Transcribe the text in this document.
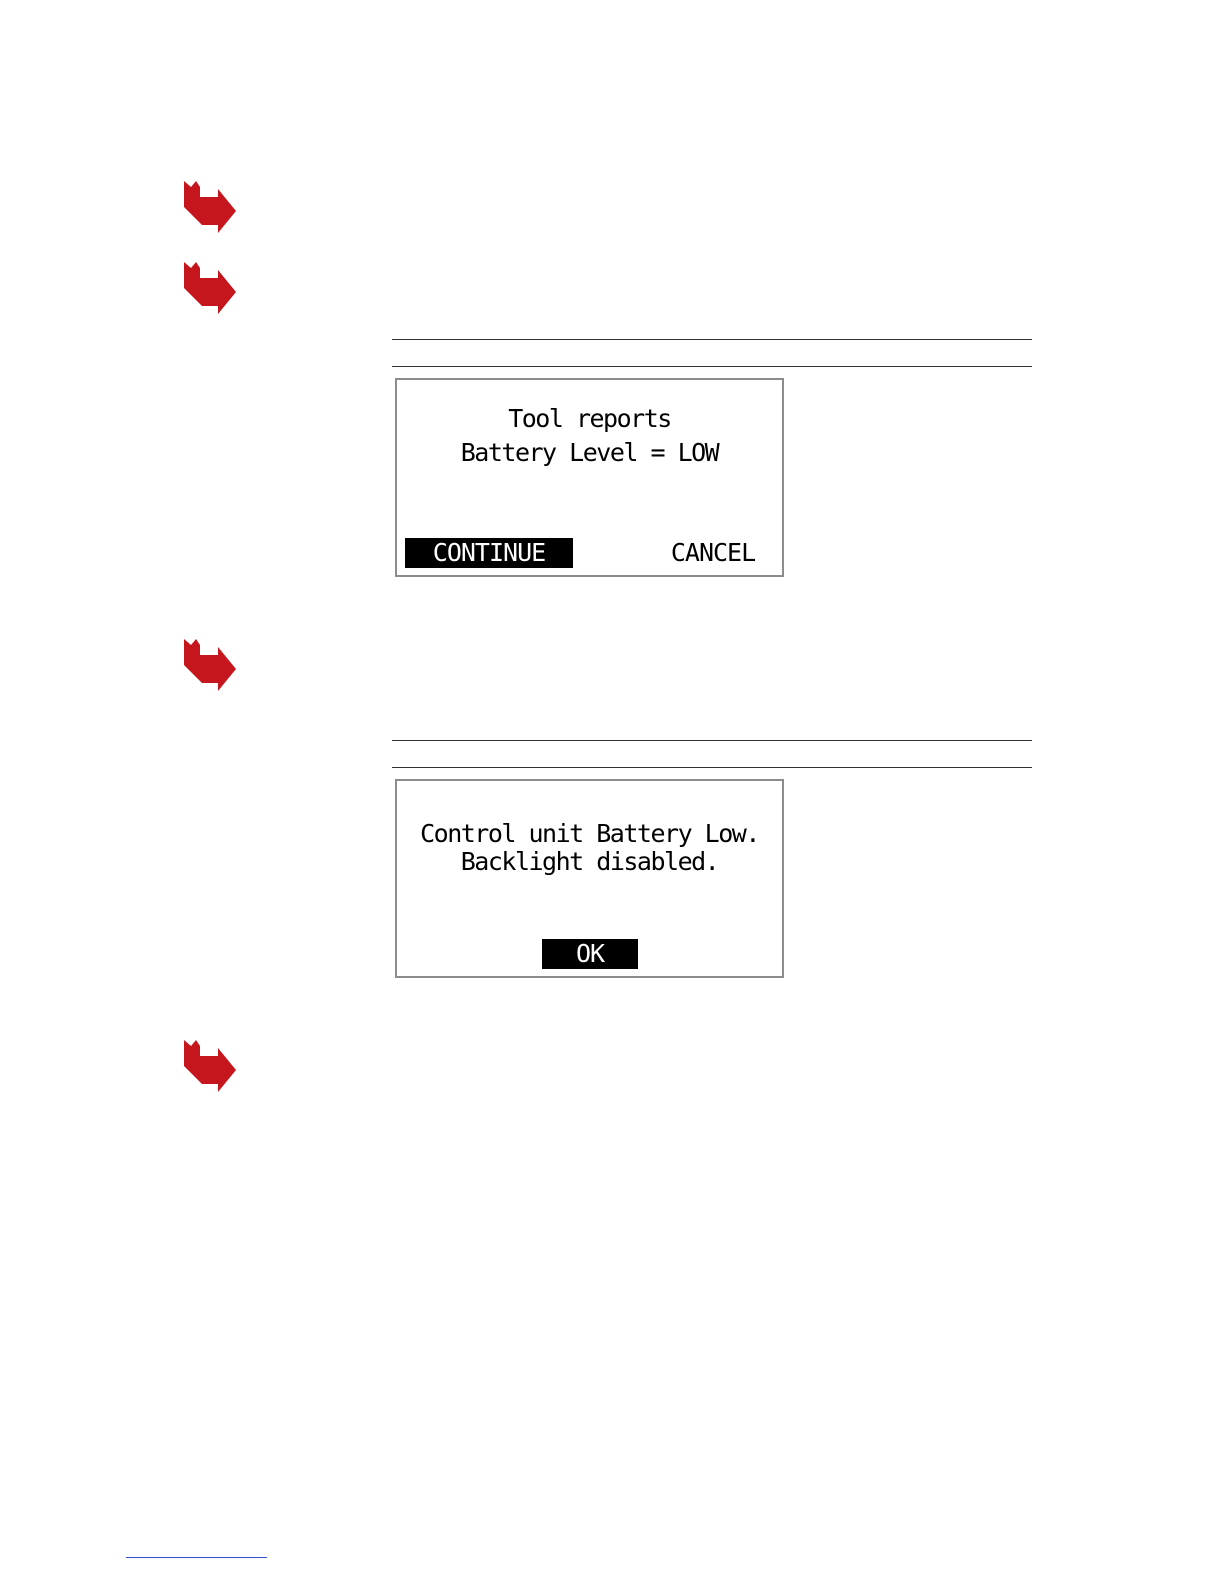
Tool reports
Battery Level = LOW
CONTINUE	CANCEL
Control unit Battery Low.
Backlight disabled.
OK
